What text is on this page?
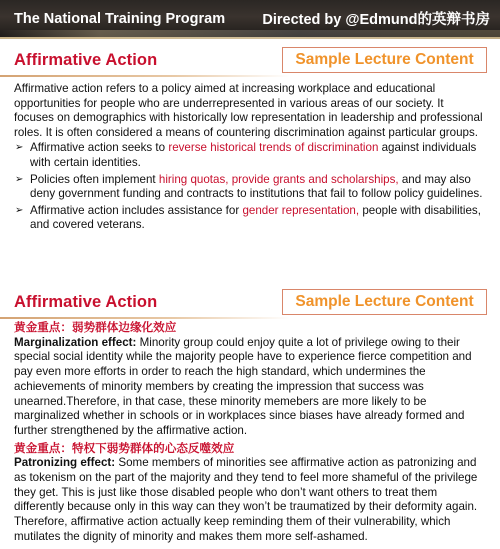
The National Training Program	Directed by @Edmund的英辩书房
Affirmative Action	Sample Lecture Content

Affirmative action refers to a policy aimed at increasing workplace and educational opportunities for people who are underrepresented in various areas of our society. It focuses on demographics with historically low representation in leadership and professional roles. It is often considered a means of countering discrimination against particular groups.

➢ Affirmative action seeks to reverse historical trends of discrimination against individuals with certain identities.
➢ Policies often implement hiring quotas, provide grants and scholarships, and may also deny government funding and contracts to institutions that fail to follow policy guidelines.
➢ Affirmative action includes assistance for gender representation, people with disabilities, and covered veterans.
Affirmative Action	Sample Lecture Content
黄金重点：弱势群体边缘化效应

Marginalization effect: Minority group could enjoy quite a lot of privilege owing to their special social identity while the majority people have to experience fierce competition and pay even more efforts in order to reach the high standard, which undermines the achievements of minority members by creating the impression that success was unearned.Therefore, in that case, these minority memebers are more likely to be marginalized whether in schools or in workplaces since biases have already formed and further strengthened by the affirmative action.

黄金重点：特权下弱势群体的心态反噬效应

Patronizing effect: Some members of minorities see affirmative action as patronizing and as tokenism on the part of the majority and they tend to feel more shameful of the privilege they get. This is just like those disabled people who don’t want others to treat them differently because only in this way can they won’t be traumatized by their deformity again. Therefore, affirmative action actually keep reminding them of their vulnerability, which mutilates the dignity of minority and makes them more self-ashamed.
